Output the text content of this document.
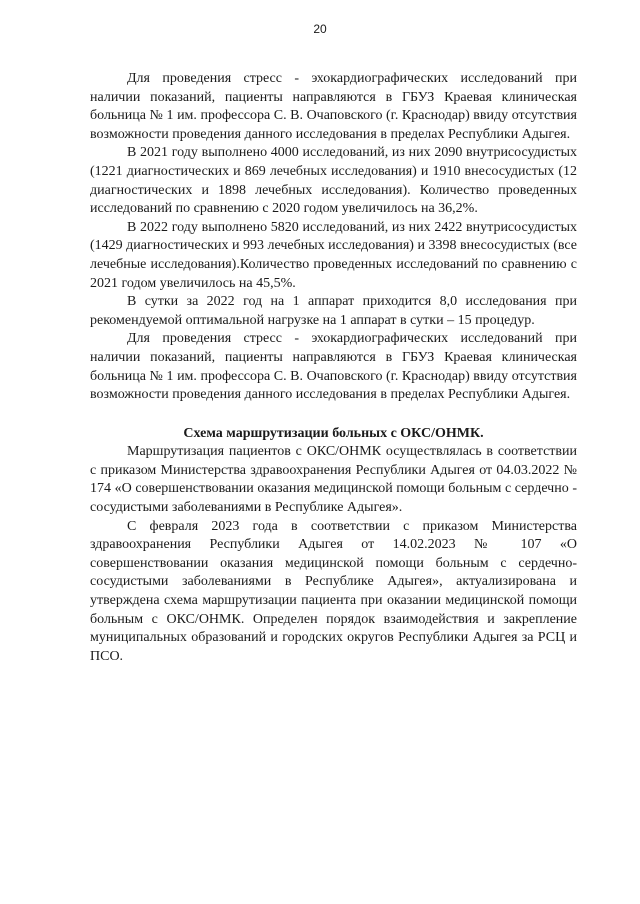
20

Для проведения стресс - эхокардиографических исследований при наличии показаний, пациенты направляются в ГБУЗ Краевая клиническая больница № 1 им. профессора С. В. Очаповского (г. Краснодар) ввиду отсутствия возможности проведения данного исследования в пределах Республики Адыгея.

В 2021 году выполнено 4000 исследований, из них 2090 внутрисосудистых (1221 диагностических и 869 лечебных исследования) и 1910 внесосудистых (12 диагностических и 1898 лечебных исследования). Количество проведенных исследований по сравнению с 2020 годом увеличилось на 36,2%.

В 2022 году выполнено 5820 исследований, из них 2422 внутрисосудистых (1429 диагностических и 993 лечебных исследования) и 3398 внесосудистых (все лечебные исследования).Количество проведенных исследований по сравнению с 2021 годом увеличилось на 45,5%.

В сутки за 2022 год на 1 аппарат приходится 8,0 исследования при рекомендуемой оптимальной нагрузке на 1 аппарат в сутки – 15 процедур.

Для проведения стресс - эхокардиографических исследований при наличии показаний, пациенты направляются в ГБУЗ Краевая клиническая больница № 1 им. профессора С. В. Очаповского (г. Краснодар) ввиду отсутствия возможности проведения данного исследования в пределах Республики Адыгея.

Схема маршрутизации больных с ОКС/ОНМК.

Маршрутизация пациентов с ОКС/ОНМК осуществлялась в соответствии с приказом Министерства здравоохранения Республики Адыгея от 04.03.2022 № 174 «О совершенствовании оказания медицинской помощи больным с сердечно - сосудистыми заболеваниями в Республике Адыгея».

С февраля 2023 года в соответствии с приказом Министерства здравоохранения Республики Адыгея от 14.02.2023 № 107 «О совершенствовании оказания медицинской помощи больным с сердечно-сосудистыми заболеваниями в Республике Адыгея», актуализирована и утверждена схема маршрутизации пациента при оказании медицинской помощи больным с ОКС/ОНМК. Определен порядок взаимодействия и закрепление муниципальных образований и городских округов Республики Адыгея за РСЦ и ПСО.
